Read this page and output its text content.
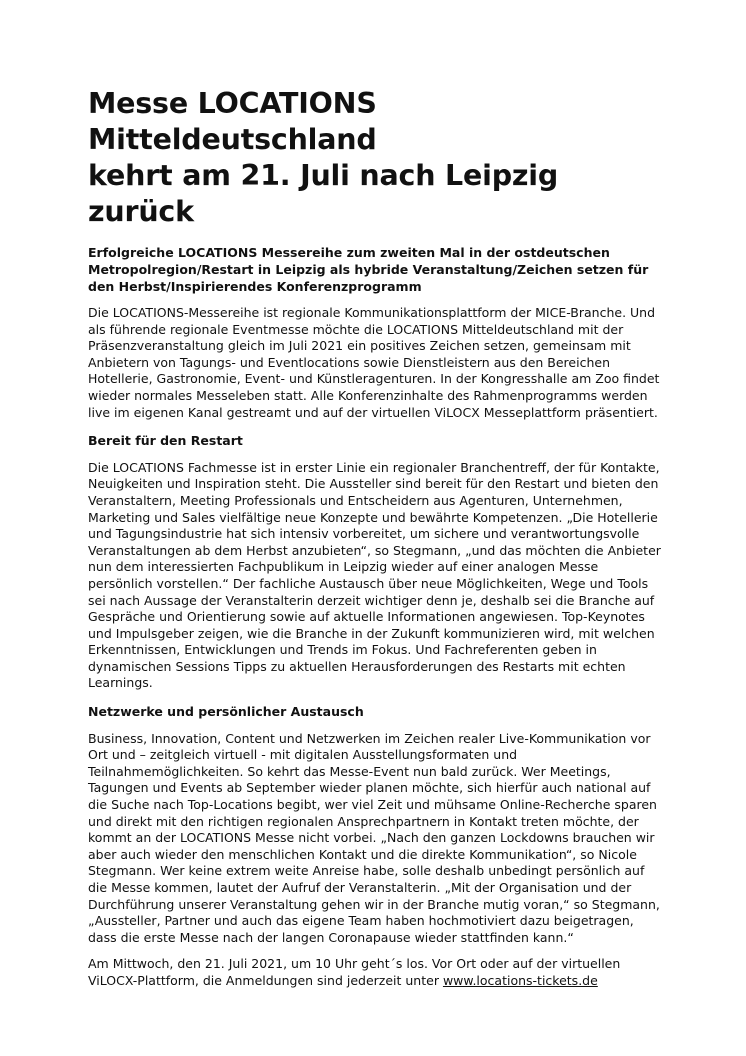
Messe LOCATIONS Mitteldeutschland
kehrt am 21. Juli nach Leipzig zurück

Erfolgreiche LOCATIONS Messereihe zum zweiten Mal in der ostdeutschen Metropolregion/Restart in Leipzig als hybride Veranstaltung/Zeichen setzen für den Herbst/Inspirierendes Konferenzprogramm

Die LOCATIONS-Messereihe ist regionale Kommunikationsplattform der MICE-Branche. Und als führende regionale Eventmesse möchte die LOCATIONS Mitteldeutschland mit der Präsenzveranstaltung gleich im Juli 2021 ein positives Zeichen setzen, gemeinsam mit Anbietern von Tagungs- und Eventlocations sowie Dienstleistern aus den Bereichen Hotellerie, Gastronomie, Event- und Künstleragenturen. In der Kongresshalle am Zoo findet wieder normales Messeleben statt. Alle Konferenzinhalte des Rahmenprogramms werden live im eigenen Kanal gestreamt und auf der virtuellen ViLOCX Messeplattform präsentiert.

Bereit für den Restart

Die LOCATIONS Fachmesse ist in erster Linie ein regionaler Branchentreff, der für Kontakte, Neuigkeiten und Inspiration steht. Die Aussteller sind bereit für den Restart und bieten den Veranstaltern, Meeting Professionals und Entscheidern aus Agenturen, Unternehmen, Marketing und Sales vielfältige neue Konzepte und bewährte Kompetenzen. „Die Hotellerie und Tagungsindustrie hat sich intensiv vorbereitet, um sichere und verantwortungsvolle Veranstaltungen ab dem Herbst anzubieten“, so Stegmann, „und das möchten die Anbieter nun dem interessierten Fachpublikum in Leipzig wieder auf einer analogen Messe persönlich vorstellen.“ Der fachliche Austausch über neue Möglichkeiten, Wege und Tools sei nach Aussage der Veranstalterin derzeit wichtiger denn je, deshalb sei die Branche auf Gespräche und Orientierung sowie auf aktuelle Informationen angewiesen. Top-Keynotes und Impulsgeber zeigen, wie die Branche in der Zukunft kommunizieren wird, mit welchen Erkenntnissen, Entwicklungen und Trends im Fokus. Und Fachreferenten geben in dynamischen Sessions Tipps zu aktuellen Herausforderungen des Restarts mit echten Learnings.

Netzwerke und persönlicher Austausch

Business, Innovation, Content und Netzwerken im Zeichen realer Live-Kommunikation vor Ort und – zeitgleich virtuell - mit digitalen Ausstellungsformaten und Teilnahmemöglichkeiten. So kehrt das Messe-Event nun bald zurück. Wer Meetings, Tagungen und Events ab September wieder planen möchte, sich hierfür auch national auf die Suche nach Top-Locations begibt, wer viel Zeit und mühsame Online-Recherche sparen und direkt mit den richtigen regionalen Ansprechpartnern in Kontakt treten möchte, der kommt an der LOCATIONS Messe nicht vorbei. „Nach den ganzen Lockdowns brauchen wir aber auch wieder den menschlichen Kontakt und die direkte Kommunikation“, so Nicole Stegmann. Wer keine extrem weite Anreise habe, solle deshalb unbedingt persönlich auf die Messe kommen, lautet der Aufruf der Veranstalterin. „Mit der Organisation und der Durchführung unserer Veranstaltung gehen wir in der Branche mutig voran,“ so Stegmann, „Aussteller, Partner und auch das eigene Team haben hochmotiviert dazu beigetragen, dass die erste Messe nach der langen Coronapause wieder stattfinden kann.“

Am Mittwoch, den 21. Juli 2021, um 10 Uhr geht´s los. Vor Ort oder auf der virtuellen ViLOCX-Plattform, die Anmeldungen sind jederzeit unter www.locations-tickets.de
